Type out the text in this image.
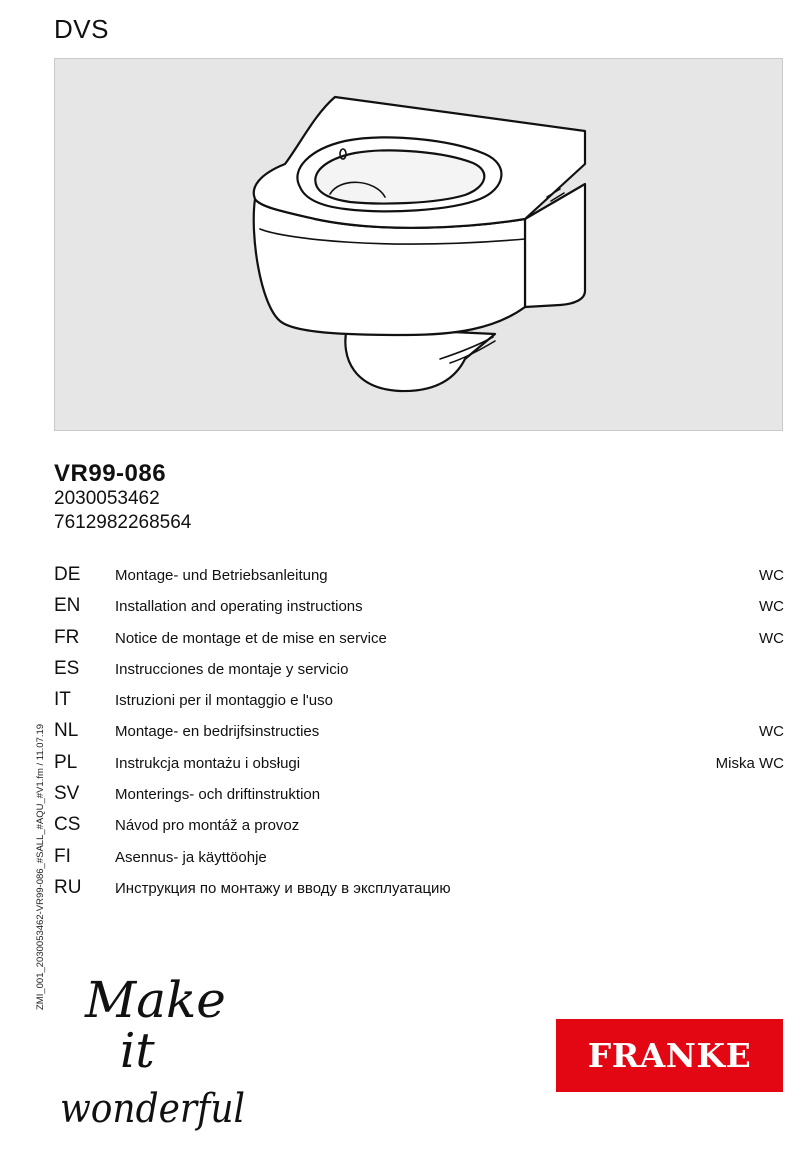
DVS
VR99-086
2030053462
7612982268564
DE Montage- und Betriebsanleitung	WC
EN Installation and operating instructions	WC
FR Notice de montage et de mise en service	WC
ES Instrucciones de montaje y servicio
IT	Istruzioni per il montaggio e l'uso
NL Montage- en bedrijfsinstructies	WC
PL	Instrukcja montażu i obsługi	Miska WC
SV Monterings- och driftinstruktion
CS Návod pro montáž a provoz
FI	Asennus- ja käyttöohje
RU Инструкция по монтажу и вводу в эксплуатацию
ZMI_001_2030053462-VR99-086_#SALL_#AQU_#V1.fm / 11.07.19 Make
it
wonderful
FRANKE
